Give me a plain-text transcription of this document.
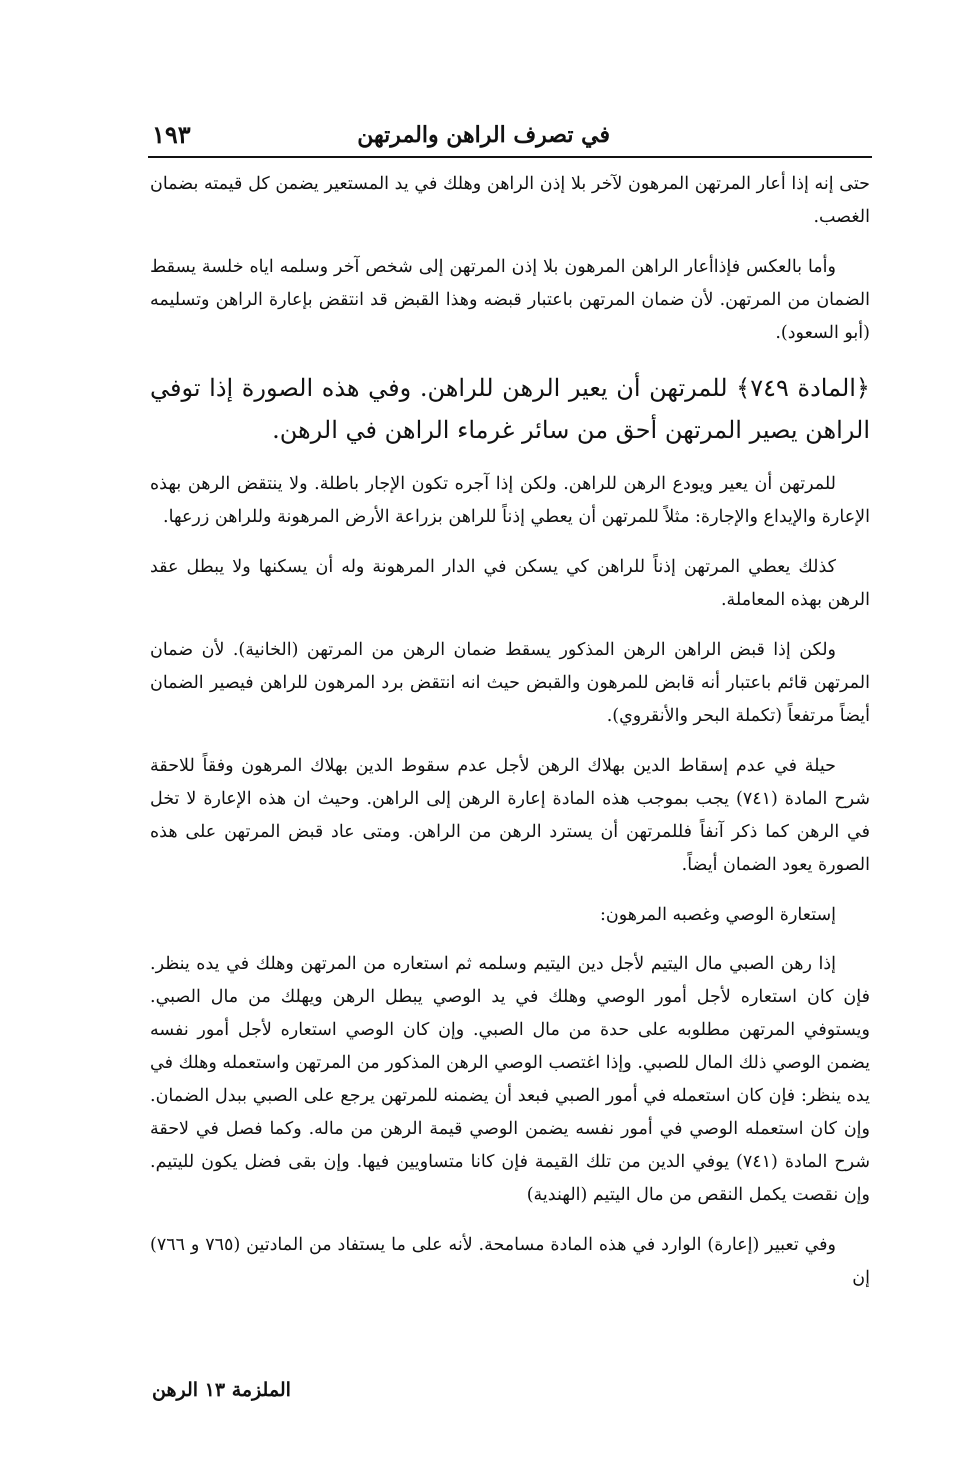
في تصرف الراهن والمرتهن
١٩٣

حتى إنه إذا أعار المرتهن المرهون لآخر بلا إذن الراهن وهلك في يد المستعير يضمن كل قيمته بضمان الغصب.

وأما بالعكس فإذاأعار الراهن المرهون بلا إذن المرتهن إلى شخص آخر وسلمه اياه خلسة يسقط الضمان من المرتهن. لأن ضمان المرتهن باعتبار قبضه وهذا القبض قد انتقض بإعارة الراهن وتسليمه (أبو السعود).

﴿المادة ٧٤٩﴾ للمرتهن أن يعير الرهن للراهن. وفي هذه الصورة إذا توفي الراهن يصير المرتهن أحق من سائر غرماء الراهن في الرهن.

للمرتهن أن يعير ويودع الرهن للراهن. ولكن إذا آجره تكون الإجار باطلة. ولا ينتقض الرهن بهذه الإعارة والإيداع والإجارة: مثلاً للمرتهن أن يعطي إذناً للراهن بزراعة الأرض المرهونة وللراهن زرعها.

كذلك يعطي المرتهن إذناً للراهن كي يسكن في الدار المرهونة وله أن يسكنها ولا يبطل عقد الرهن بهذه المعاملة.

ولكن إذا قبض الراهن الرهن المذكور يسقط ضمان الرهن من المرتهن (الخانية). لأن ضمان المرتهن قائم باعتبار أنه قابض للمرهون والقبض حيث انه انتقض برد المرهون للراهن فيصير الضمان أيضاً مرتفعاً (تكملة البحر والأنقروي).

حيلة في عدم إسقاط الدين بهلاك الرهن لأجل عدم سقوط الدين بهلاك المرهون وفقاً للاحقة شرح المادة (٧٤١) يجب بموجب هذه المادة إعارة الرهن إلى الراهن. وحيث ان هذه الإعارة لا تخل في الرهن كما ذكر آنفاً فللمرتهن أن يسترد الرهن من الراهن. ومتى عاد قبض المرتهن على هذه الصورة يعود الضمان أيضاً.

إستعارة الوصي وغصبه المرهون:

إذا رهن الصبي مال اليتيم لأجل دين اليتيم وسلمه ثم استعاره من المرتهن وهلك في يده ينظر. فإن كان استعاره لأجل أمور الوصي وهلك في يد الوصي يبطل الرهن ويهلك من مال الصبي. ويستوفي المرتهن مطلوبه على حدة من مال الصبي. وإن كان الوصي استعاره لأجل أمور نفسه يضمن الوصي ذلك المال للصبي. وإذا اغتصب الوصي الرهن المذكور من المرتهن واستعمله وهلك في يده ينظر: فإن كان استعمله في أمور الصبي فبعد أن يضمنه للمرتهن يرجع على الصبي ببدل الضمان. وإن كان استعمله الوصي في أمور نفسه يضمن الوصي قيمة الرهن من ماله. وكما فصل في لاحقة شرح المادة (٧٤١) يوفي الدين من تلك القيمة فإن كانا متساويين فيها. وإن بقى فضل يكون لليتيم. وإن نقصت يكمل النقص من مال اليتيم (الهندية)

وفي تعبير (إعارة) الوارد في هذه المادة مسامحة. لأنه على ما يستفاد من المادتين (٧٦٥ و ٧٦٦) إن

الملزمة ١٣ الرهن
